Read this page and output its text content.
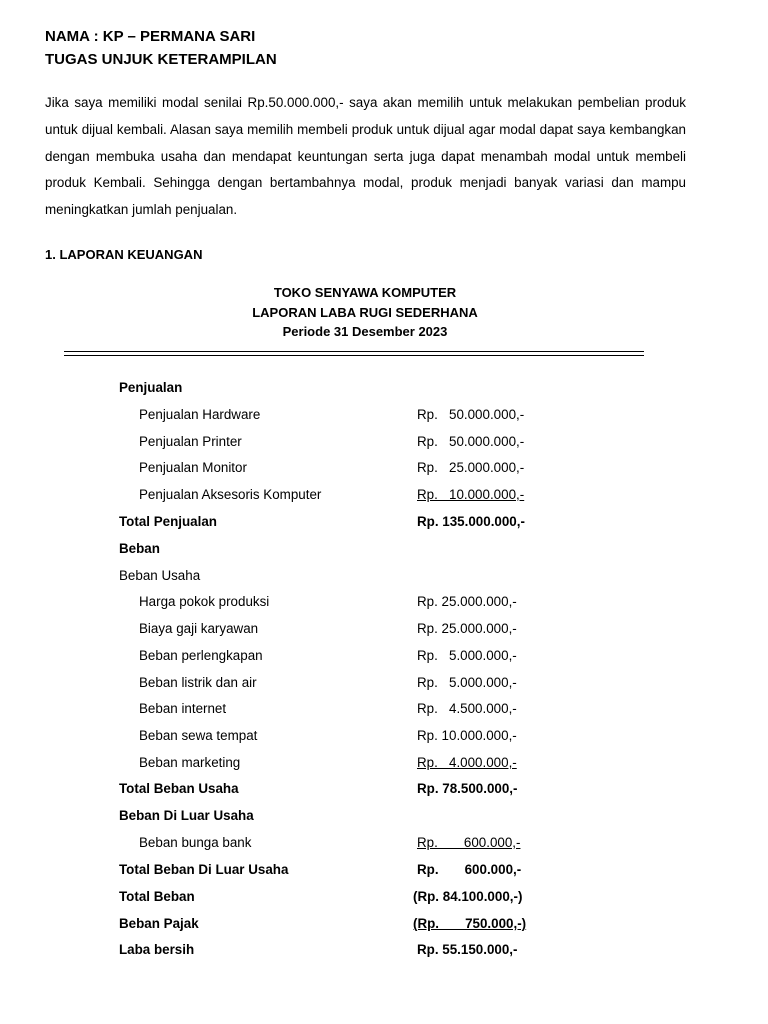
NAMA : KP – PERMANA SARI
TUGAS UNJUK KETERAMPILAN

Jika saya memiliki modal senilai Rp.50.000.000,- saya akan memilih untuk melakukan pembelian produk untuk dijual kembali. Alasan saya memilih membeli produk untuk dijual agar modal dapat saya kembangkan dengan membuka usaha dan mendapat keuntungan serta juga dapat menambah modal untuk membeli produk Kembali. Sehingga dengan bertambahnya modal, produk menjadi banyak variasi dan mampu meningkatkan jumlah penjualan.

1. LAPORAN KEUANGAN
TOKO SENYAWA KOMPUTER
LAPORAN LABA RUGI SEDERHANA
Periode 31 Desember 2023
Penjualan
Penjualan Hardware	Rp.   50.000.000,-
Penjualan Printer	Rp.   50.000.000,-
Penjualan Monitor	Rp.   25.000.000,-
Penjualan Aksesoris Komputer	Rp.   10.000.000,-
Total Penjualan	Rp. 135.000.000,-
Beban
Beban Usaha
Harga pokok produksi	Rp. 25.000.000,-
Biaya gaji karyawan	Rp. 25.000.000,-
Beban perlengkapan	Rp.   5.000.000,-
Beban listrik dan air	Rp.   5.000.000,-
Beban internet	Rp.   4.500.000,-
Beban sewa tempat	Rp. 10.000.000,-
Beban marketing	Rp.   4.000.000,-
Total Beban Usaha	Rp. 78.500.000,-
Beban Di Luar Usaha
Beban bunga bank	Rp.       600.000,-
Total Beban Di Luar Usaha	Rp.       600.000,-
Total Beban	(Rp. 84.100.000,-)
Beban Pajak	(Rp.       750.000,-)
Laba bersih	Rp. 55.150.000,-
